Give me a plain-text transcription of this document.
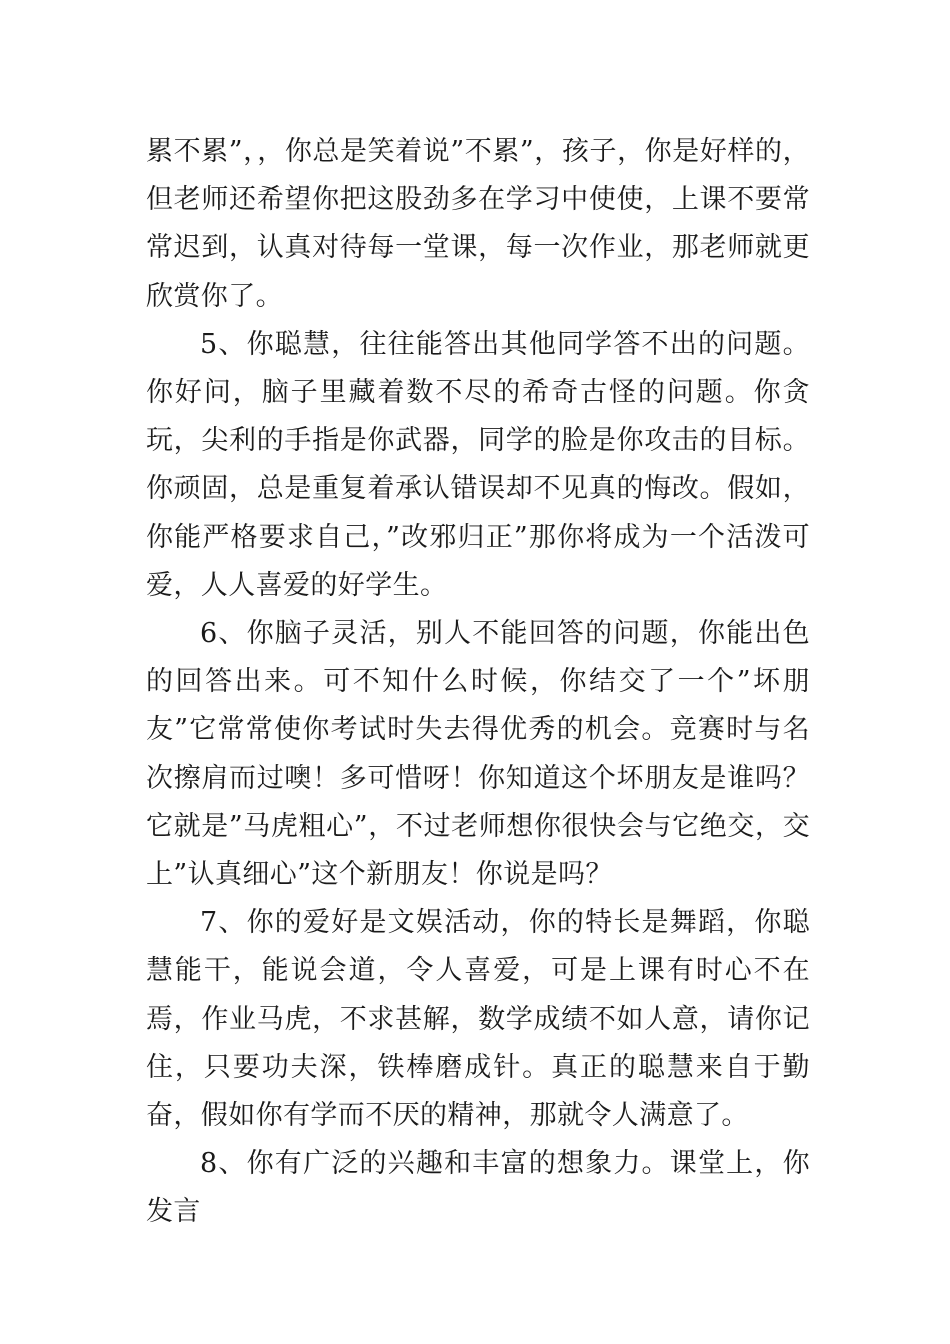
累不累”，，你总是笑着说”不累”，孩子，你是好样的，但老师还希望你把这股劲多在学习中使使，上课不要常常迟到，认真对待每一堂课，每一次作业，那老师就更欣赏你了。

5、你聪慧，往往能答出其他同学答不出的问题。你好问，脑子里藏着数不尽的希奇古怪的问题。你贪玩，尖利的手指是你武器，同学的脸是你攻击的目标。你顽固，总是重复着承认错误却不见真的悔改。假如，你能严格要求自己，”改邪归正”那你将成为一个活泼可爱，人人喜爱的好学生。

6、你脑子灵活，别人不能回答的问题，你能出色的回答出来。可不知什么时候，你结交了一个”坏朋友”它常常使你考试时失去得优秀的机会。竞赛时与名次擦肩而过噢！多可惜呀！你知道这个坏朋友是谁吗？它就是”马虎粗心”，不过老师想你很快会与它绝交，交上”认真细心”这个新朋友！你说是吗？

7、你的爱好是文娱活动，你的特长是舞蹈，你聪慧能干，能说会道，令人喜爱，可是上课有时心不在焉，作业马虎，不求甚解，数学成绩不如人意，请你记住，只要功夫深，铁棒磨成针。真正的聪慧来自于勤奋，假如你有学而不厌的精神，那就令人满意了。

8、你有广泛的兴趣和丰富的想象力。课堂上，你发言
